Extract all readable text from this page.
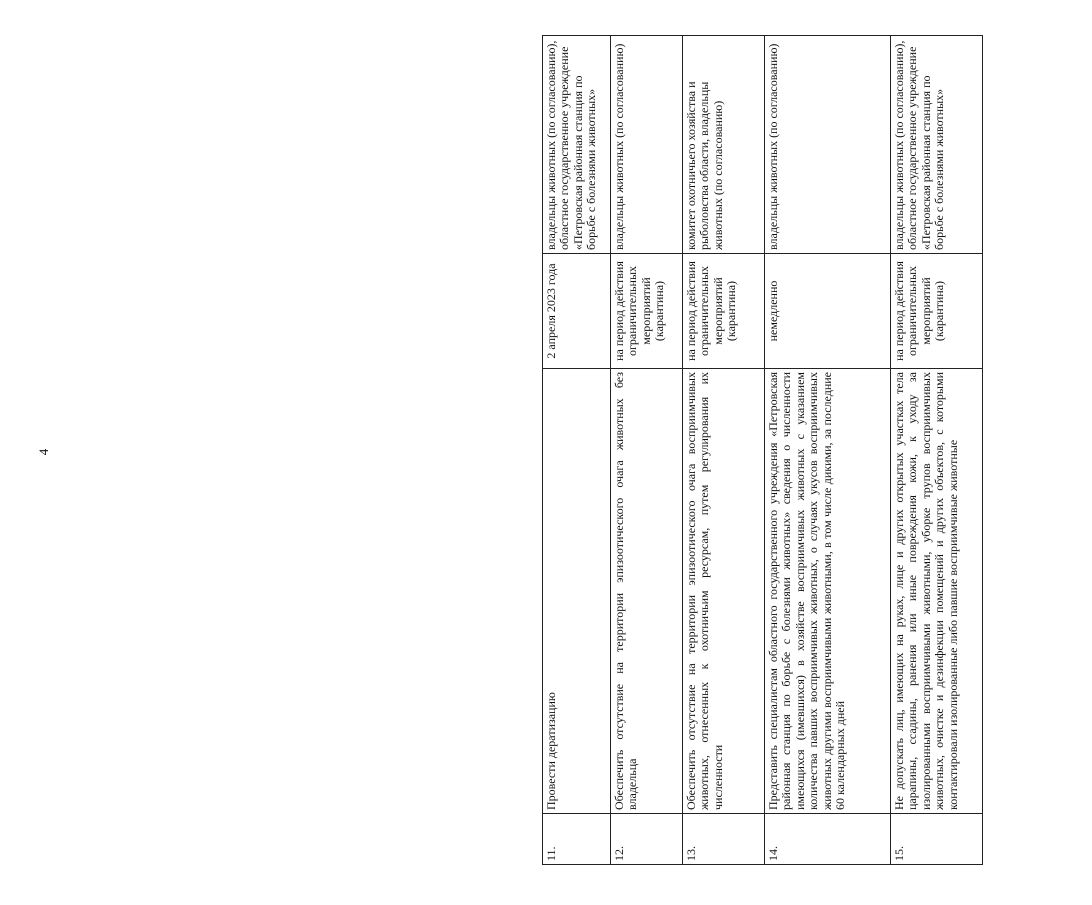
4
11.	Провести дератизацию	2 апреля 2023 года	владельцы животных (по согласованию), областное государственное учреждение «Петровская районная станция по борьбе с болезнями животных»
12.	Обеспечить отсутствие на территории эпизоотического очага животных без владельца	на период действия ограничительных мероприятий (карантина)	владельцы животных (по согласованию)
13.	Обеспечить отсутствие на территории эпизоотического очага восприимчивых животных, отнесенных к охотничьим ресурсам, путем регулирования их численности	на период действия ограничительных мероприятий (карантина)	комитет охотничьего хозяйства и рыболовства области, владельцы животных (по согласованию)
14.	Представить специалистам областного государственного учреждения «Петровская районная станция по борьбе с болезнями животных» сведения о численности имеющихся (имевшихся) в хозяйстве восприимчивых животных с указанием количества павших восприимчивых животных, о случаях укусов восприимчивых животных другими восприимчивыми животными, в том числе дикими, за последние 60 календарных дней	немедленно	владельцы животных (по согласованию)
15.	Не допускать лиц, имеющих на руках, лице и других открытых участках тела царапины, ссадины, ранения или иные повреждения кожи, к уходу за изолированными восприимчивыми животными, уборке трупов восприимчивых животных, очистке и дезинфекции помещений и других объектов, с которыми контактировали изолированные либо павшие восприимчивые животные	на период действия ограничительных мероприятий (карантина)	владельцы животных (по согласованию), областное государственное учреждение «Петровская районная станция по борьбе с болезнями животных»
